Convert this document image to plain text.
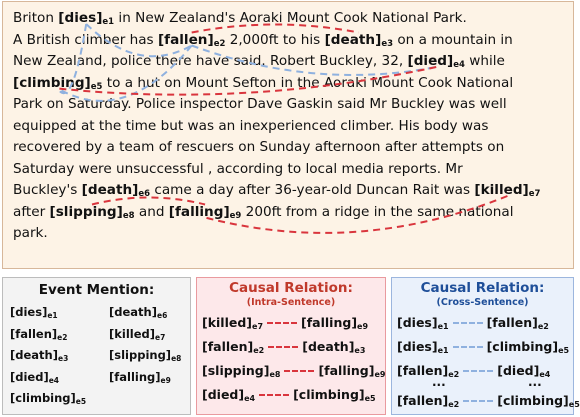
Briton $[dies]_{e1}$ in New Zealand's Aoraki Mount Cook National Park.
A British climber has $[fallen]_{e2}$ 2,000ft to his $[death]_{e3}$ on a mountain in
New Zealand, police there have said. Robert Buckley, 32, $[died]_{e4}$ while
$[climbing]_{e5}$ to a hut on Mount Sefton in the Aoraki Mount Cook National
Park on Saturday. Police inspector Dave Gaskin said Mr Buckley was well
equipped at the time but was an inexperienced climber. His body was
recovered by a team of rescuers on Sunday afternoon after attempts on
Saturday were unsuccessful , according to local media reports. Mr
Buckley's $[death]_{e6}$ came a day after 36-year-old Duncan Rait was $[killed]_{e7}$
after $[slipping]_{e8}$ and $[falling]_{e9}$ 200ft from a ridge in the same national
park.
Event Mention:
$[dies]_{e1}$	$[death]_{e6}$
$[fallen]_{e2}$	$[killed]_{e7}$
$[death]_{e3}$	$[slipping]_{e8}$
$[died]_{e4}$	$[falling]_{e9}$
$[climbing]_{e5}$
Causal Relation:
(Intra-Sentence)
$[killed]_{e7}$	$[falling]_{e9}$
$[fallen]_{e2}$	$[death]_{e3}$
$[slipping]_{e8}$	$[falling]_{e9}$
$[died]_{e4}$	$[climbing]_{e5}$
Causal Relation:
(Cross-Sentence)
$[dies]_{e1}$	$[fallen]_{e2}$
$[dies]_{e1}$	$[climbing]_{e5}$
$[fallen]_{e2}$	$[died]_{e4}$
$[fallen]_{e2}$	$[climbing]_{e5}$
...	...
